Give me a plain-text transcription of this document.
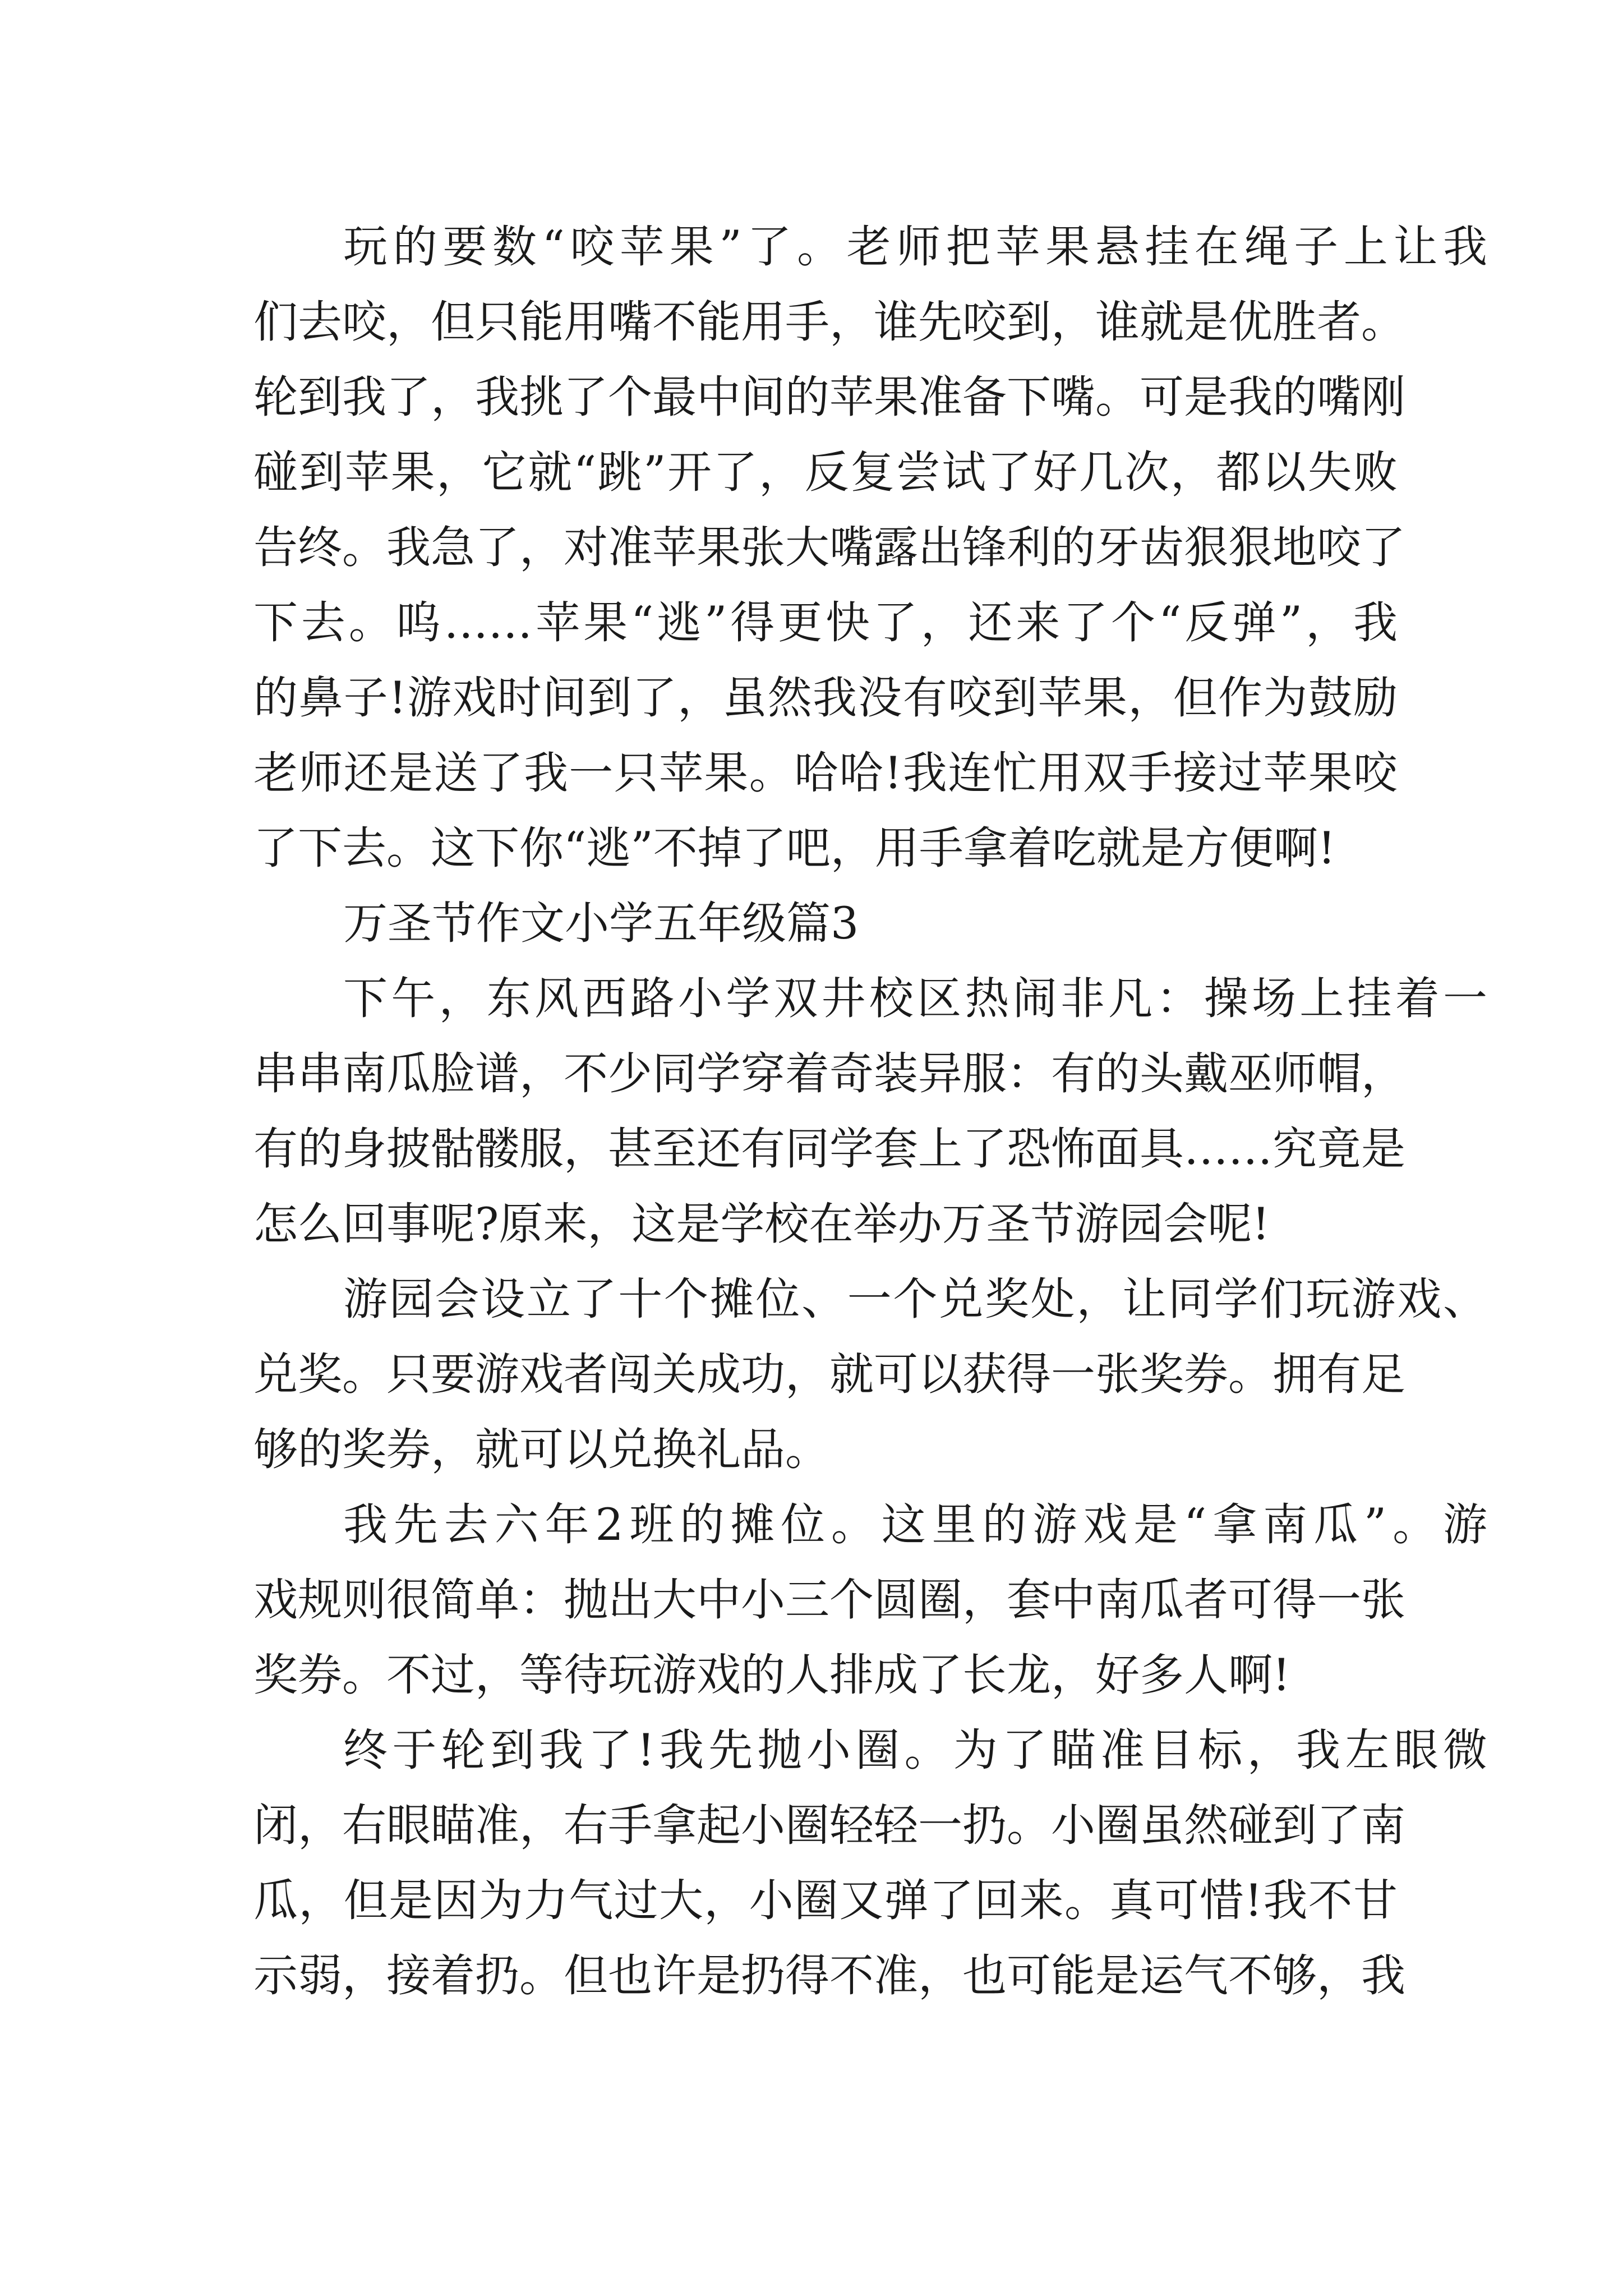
玩的要数“咬苹果”了。老师把苹果悬挂在绳子上让我

们去咬，但只能用嘴不能用手，谁先咬到，谁就是优胜者。

轮到我了，我挑了个最中间的苹果准备下嘴。可是我的嘴刚

碰到苹果，它就“跳”开了，反复尝试了好几次，都以失败

告终。我急了，对准苹果张大嘴露出锋利的牙齿狠狠地咬了

下去。呜……苹果“逃”得更快了，还来了个“反弹”，我

的鼻子!游戏时间到了，虽然我没有咬到苹果，但作为鼓励

老师还是送了我一只苹果。哈哈!我连忙用双手接过苹果咬

了下去。这下你“逃”不掉了吧，用手拿着吃就是方便啊!

万圣节作文小学五年级篇3

下午，东风西路小学双井校区热闹非凡：操场上挂着一

串串南瓜脸谱，不少同学穿着奇装异服：有的头戴巫师帽，

有的身披骷髅服，甚至还有同学套上了恐怖面具……究竟是

怎么回事呢?原来，这是学校在举办万圣节游园会呢!

游园会设立了十个摊位、一个兑奖处，让同学们玩游戏、

兑奖。只要游戏者闯关成功，就可以获得一张奖券。拥有足

够的奖券，就可以兑换礼品。

我先去六年2班的摊位。这里的游戏是“拿南瓜”。游

戏规则很简单：抛出大中小三个圆圈，套中南瓜者可得一张

奖券。不过，等待玩游戏的人排成了长龙，好多人啊!

终于轮到我了!我先抛小圈。为了瞄准目标，我左眼微

闭，右眼瞄准，右手拿起小圈轻轻一扔。小圈虽然碰到了南

瓜，但是因为力气过大，小圈又弹了回来。真可惜!我不甘

示弱，接着扔。但也许是扔得不准，也可能是运气不够，我
